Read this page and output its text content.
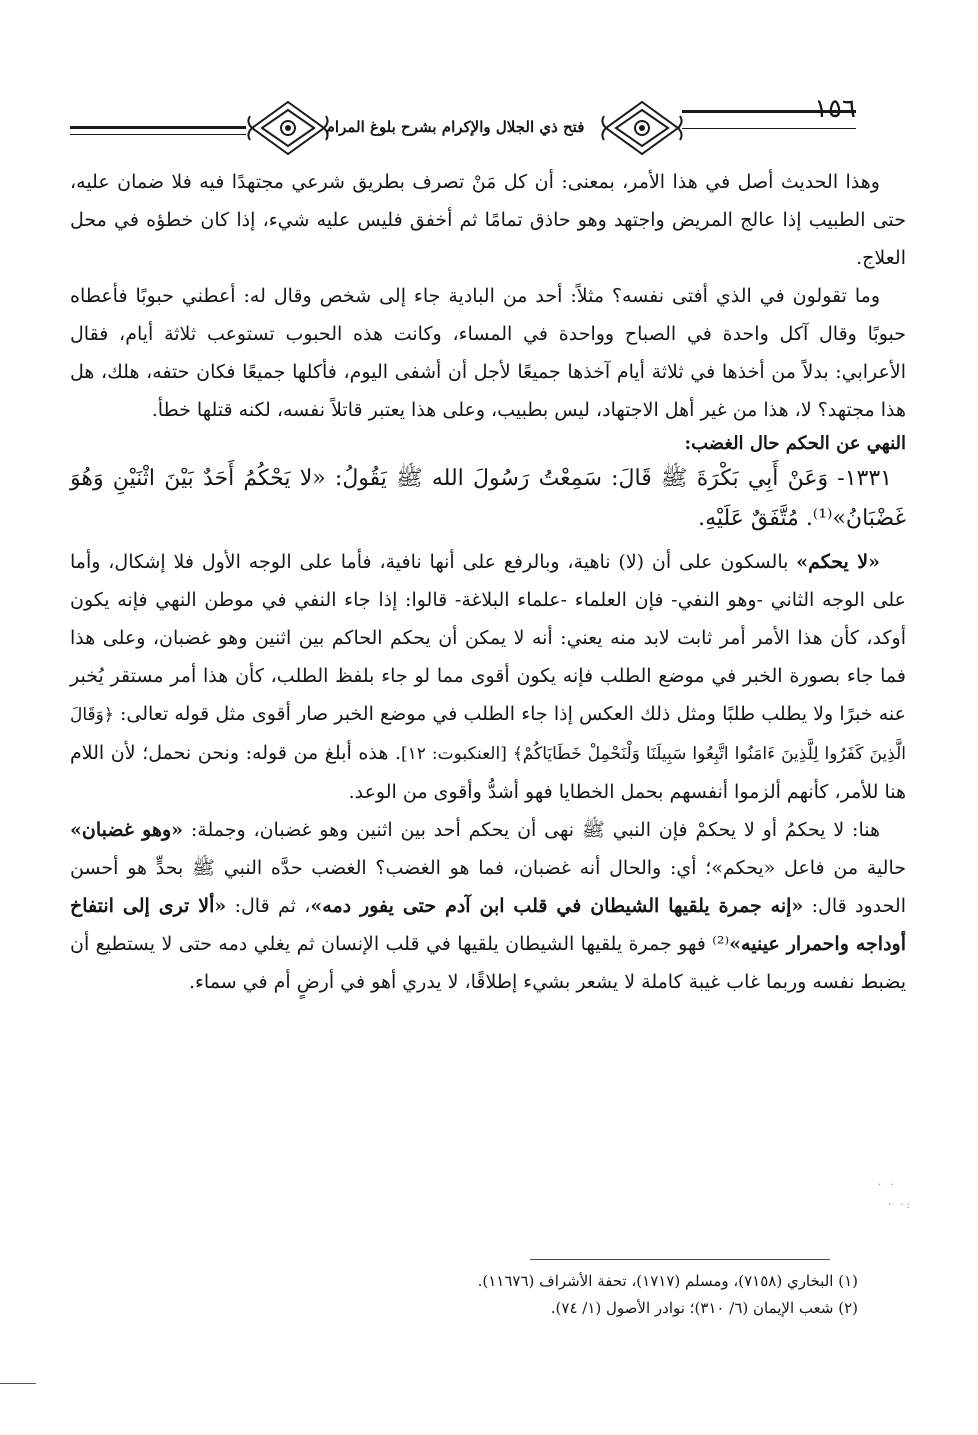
١٥٦
فتح ذي الجلال والإكرام بشرح بلوغ المرام

وهذا الحديث أصل في هذا الأمر، بمعنى: أن كل مَنْ تصرف بطريق شرعي مجتهدًا فيه فلا ضمان عليه، حتى الطبيب إذا عالج المريض واجتهد وهو حاذق تمامًا ثم أخفق فليس عليه شيء، إذا كان خطؤه في محل العلاج.

وما تقولون في الذي أفتى نفسه؟ مثلاً: أحد من البادية جاء إلى شخص وقال له: أعطني حبوبًا فأعطاه حبوبًا وقال آكل واحدة في الصباح وواحدة في المساء، وكانت هذه الحبوب تستوعب ثلاثة أيام، فقال الأعرابي: بدلاً من أخذها في ثلاثة أيام آخذها جميعًا لأجل أن أشفى اليوم، فأكلها جميعًا فكان حتفه، هلك، هل هذا مجتهد؟ لا، هذا من غير أهل الاجتهاد، ليس بطبيب، وعلى هذا يعتبر قاتلاً نفسه، لكنه قتلها خطأ.

النهي عن الحكم حال الغضب:

١٣٣١- وَعَنْ أَبِي بَكْرَةَ ﷺ قَالَ: سَمِعْتُ رَسُولَ الله ﷺ يَقُولُ: «لا يَحْكُمُ أَحَدٌ بَيْنَ اثْنَيْنِ وَهُوَ غَضْبَانُ»⁽¹⁾. مُتَّفَقٌ عَلَيْهِ.

«لا يحكم» بالسكون على أن (لا) ناهية، وبالرفع على أنها نافية، فأما على الوجه الأول فلا إشكال، وأما على الوجه الثاني -وهو النفي- فإن العلماء -علماء البلاغة- قالوا: إذا جاء النفي في موطن النهي فإنه يكون أوكد، كأن هذا الأمر أمر ثابت لابد منه يعني: أنه لا يمكن أن يحكم الحاكم بين اثنين وهو غضبان، وعلى هذا فما جاء بصورة الخبر في موضع الطلب فإنه يكون أقوى مما لو جاء بلفظ الطلب، كأن هذا أمر مستقر يُخبر عنه خبرًا ولا يطلب طلبًا ومثل ذلك العكس إذا جاء الطلب في موضع الخبر صار أقوى مثل قوله تعالى: ﴿وَقَالَ الَّذِينَ كَفَرُوا لِلَّذِينَ ءَامَنُوا اتَّبِعُوا سَبِيلَنَا وَلْنَحْمِلْ خَطَايَاكُمْ﴾ [العنكبوت: ١٢]. هذه أبلغ من قوله: ونحن نحمل؛ لأن اللام هنا للأمر، كأنهم ألزموا أنفسهم بحمل الخطايا فهو أشدُّ وأقوى من الوعد.

هنا: لا يحكمُ أو لا يحكمْ فإن النبي ﷺ نهى أن يحكم أحد بين اثنين وهو غضبان، وجملة: «وهو غضبان» حالية من فاعل «يحكم»؛ أي: والحال أنه غضبان، فما هو الغضب؟ الغضب حدَّه النبي ﷺ بحدٍّ هو أحسن الحدود قال: «إنه جمرة يلقيها الشيطان في قلب ابن آدم حتى يفور دمه»، ثم قال: «ألا ترى إلى انتفاخ أوداجه واحمرار عينيه»⁽²⁾ فهو جمرة يلقيها الشيطان يلقيها في قلب الإنسان ثم يغلي دمه حتى لا يستطيع أن يضبط نفسه وربما غاب غيبة كاملة لا يشعر بشيء إطلاقًا، لا يدري أهو في أرضٍ أم في سماء.

(١) البخاري (٧١٥٨)، ومسلم (١٧١٧)، تحفة الأشراف (١١٦٧٦).

(٢) شعب الإيمان (٦/ ٣١٠)؛ نوادر الأصول (١/ ٧٤).

· ·
· ·:
